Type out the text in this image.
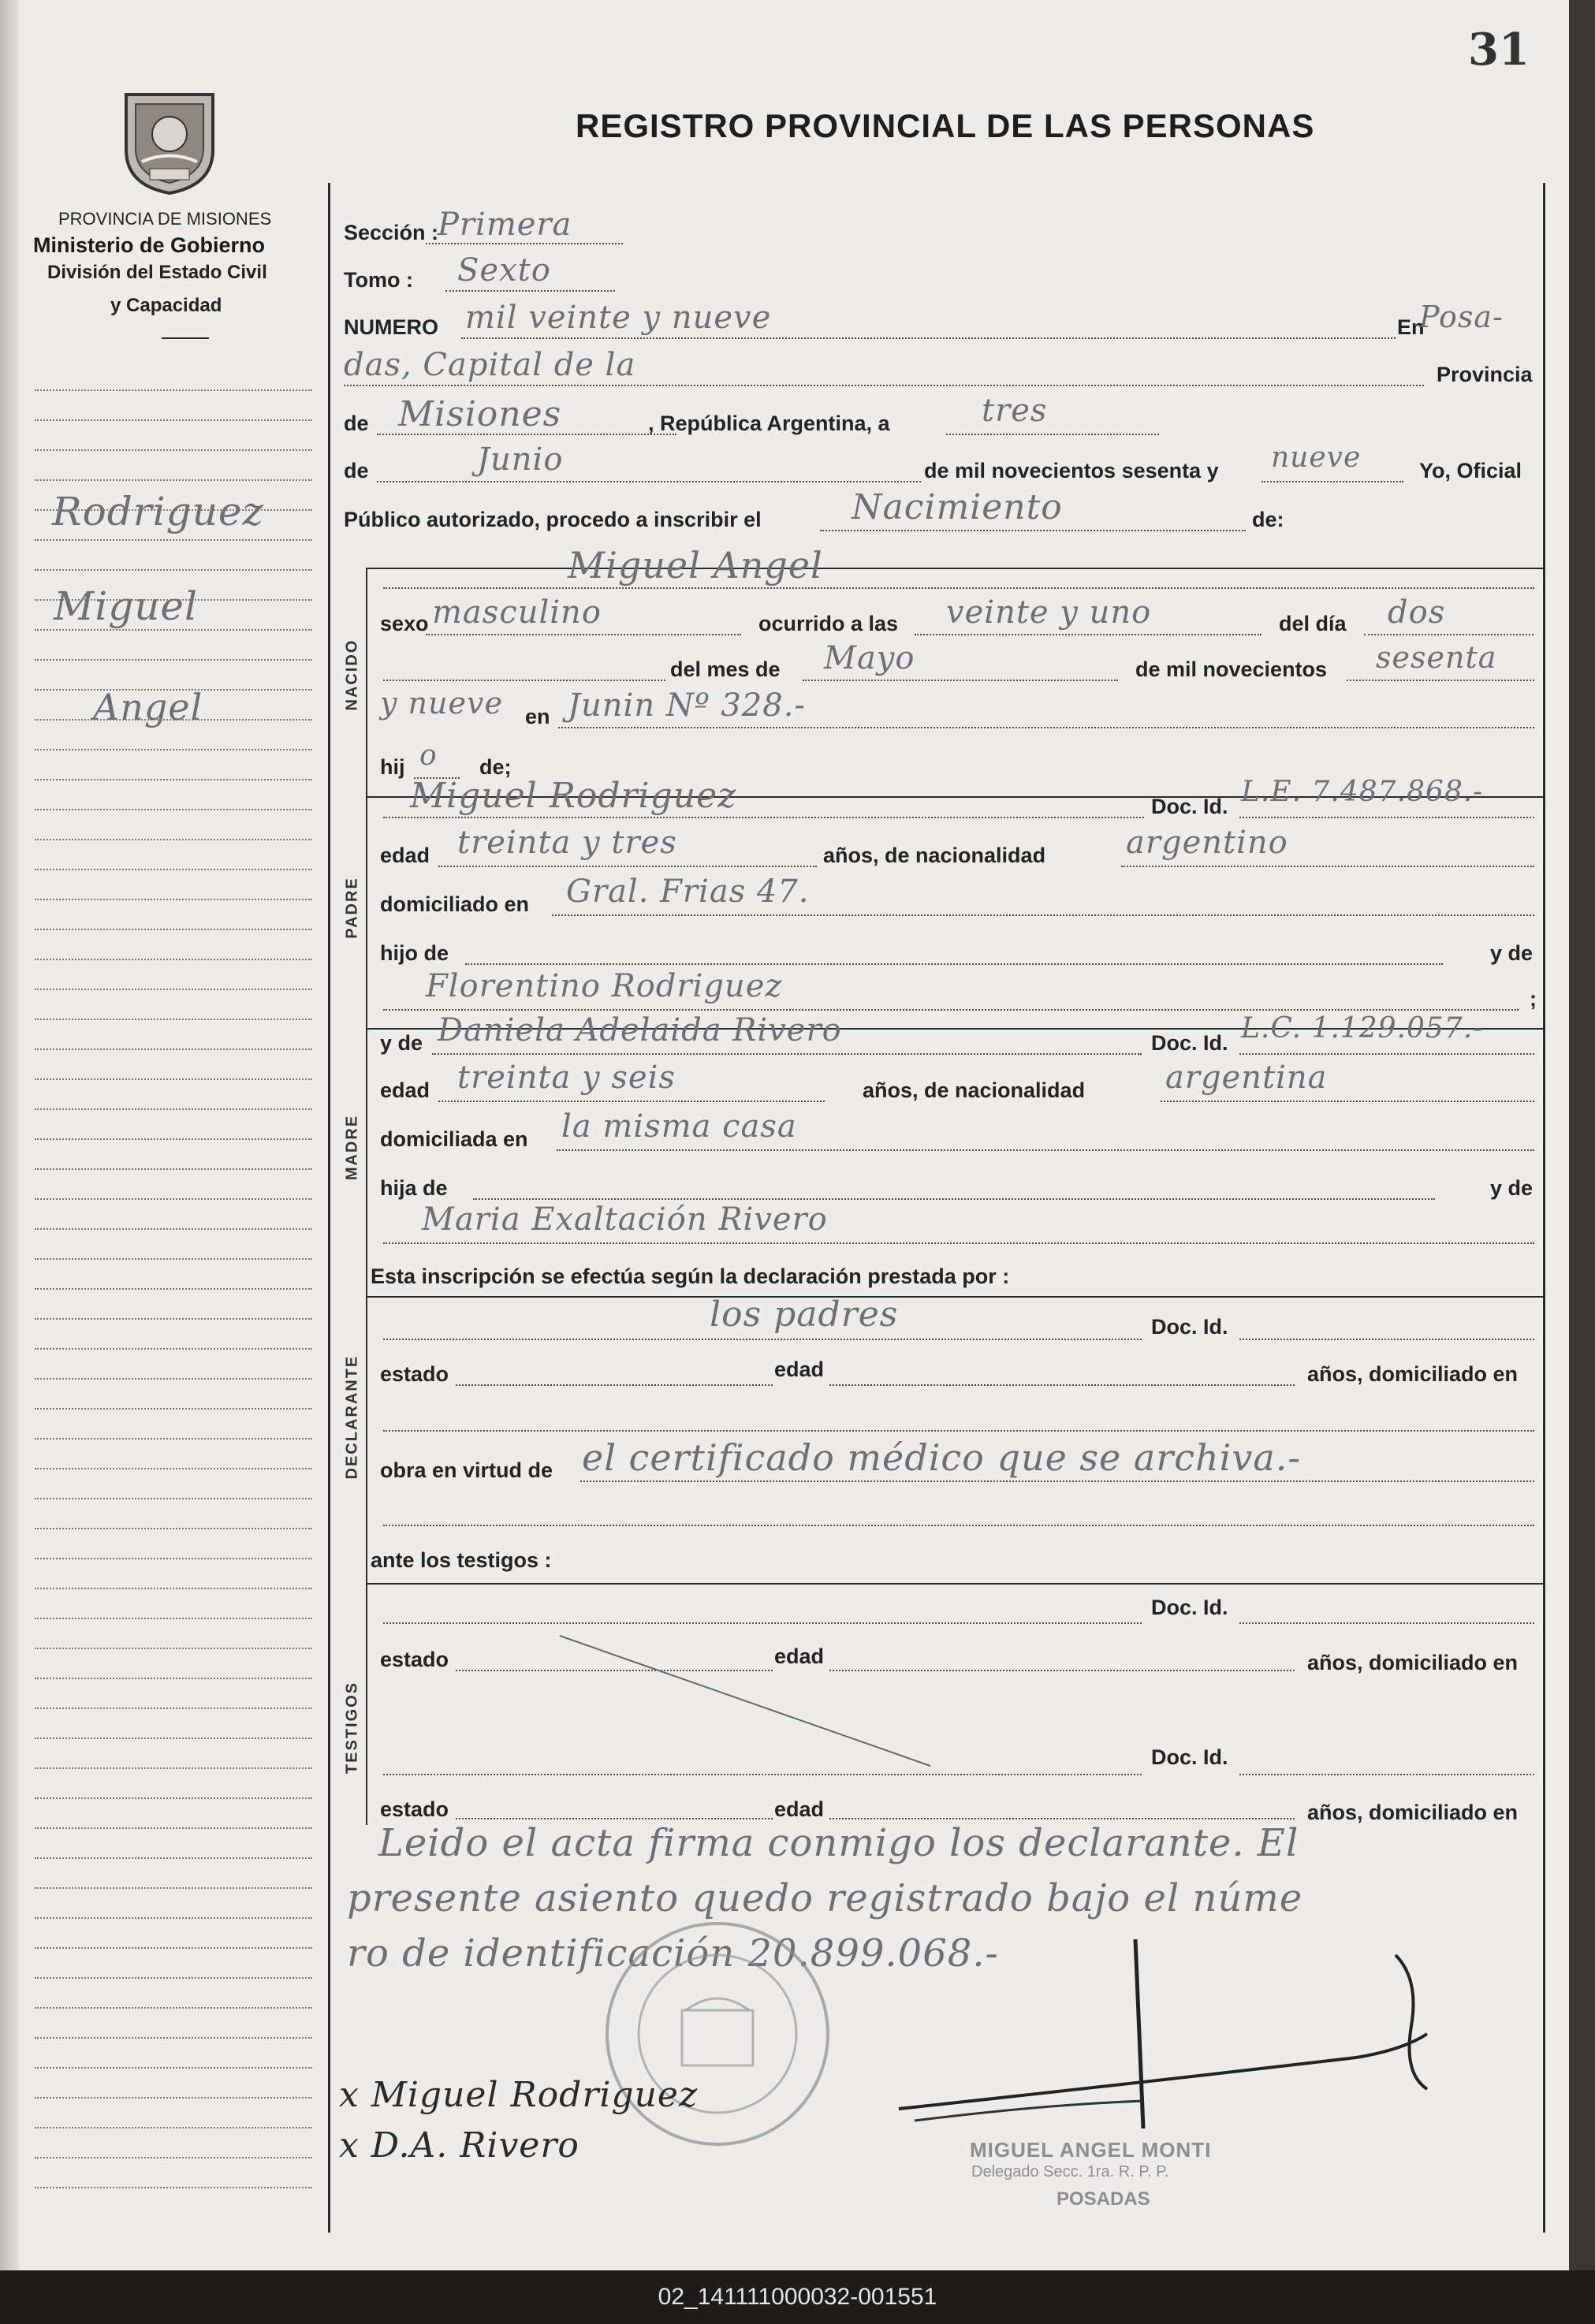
31
REGISTRO PROVINCIAL DE LAS PERSONAS
PROVINCIA DE MISIONES
Ministerio de Gobierno
División del Estado Civil
y Capacidad
Rodriguez
Miguel
Angel
Sección :
Primera
Tomo : Sexto
NUMERO mil veinte y nueve	En
Posa-
das, Capital de la	Provincia
de Misiones	, República Argentina, a	tres
de	Junio	de mil novecientos sesenta y nueve	Yo, Oficial
Público autorizado, procedo a inscribir el	Nacimiento	de:
NACIDO
Miguel Angel
sexo masculino	ocurrido a las veinte y uno	del día dos
del mes de Mayo	de mil novecientos sesenta
y nueve en Junin Nº 328.-
hij o de;
PADRE
Miguel Rodriguez	Doc. Id. L.E. 7.487.868.-
edad treinta y tres	años, de nacionalidad	argentino
domiciliado en Gral. Frias 47.
hijo de	y de
Florentino Rodriguez	;
MADRE
y de Daniela Adelaida Rivero	Doc. Id. L.C. 1.129.057.-
edad treinta y seis	años, de nacionalidad	argentina
domiciliada en la misma casa
hija de	y de
Maria Exaltación Rivero
Esta inscripción se efectúa según la declaración prestada por :
DECLARANTE
los padres	Doc. Id.
estado	edad	años, domiciliado en
obra en virtud de el certificado médico que se archiva.-
ante los testigos :
TESTIGOS
Doc. Id.
estado	edad	años, domiciliado en
Doc. Id.
estado	edad	años, domiciliado en
Leido el acta firma conmigo los declarante. El
presente asiento quedo registrado bajo el núme
ro de identificación 20.899.068.-
x Miguel Rodriguez
x D.A. Rivero	MIGUEL ANGEL MONTI
Delegado Secc. 1ra. R. P. P.
POSADAS
02_141111000032-001551
